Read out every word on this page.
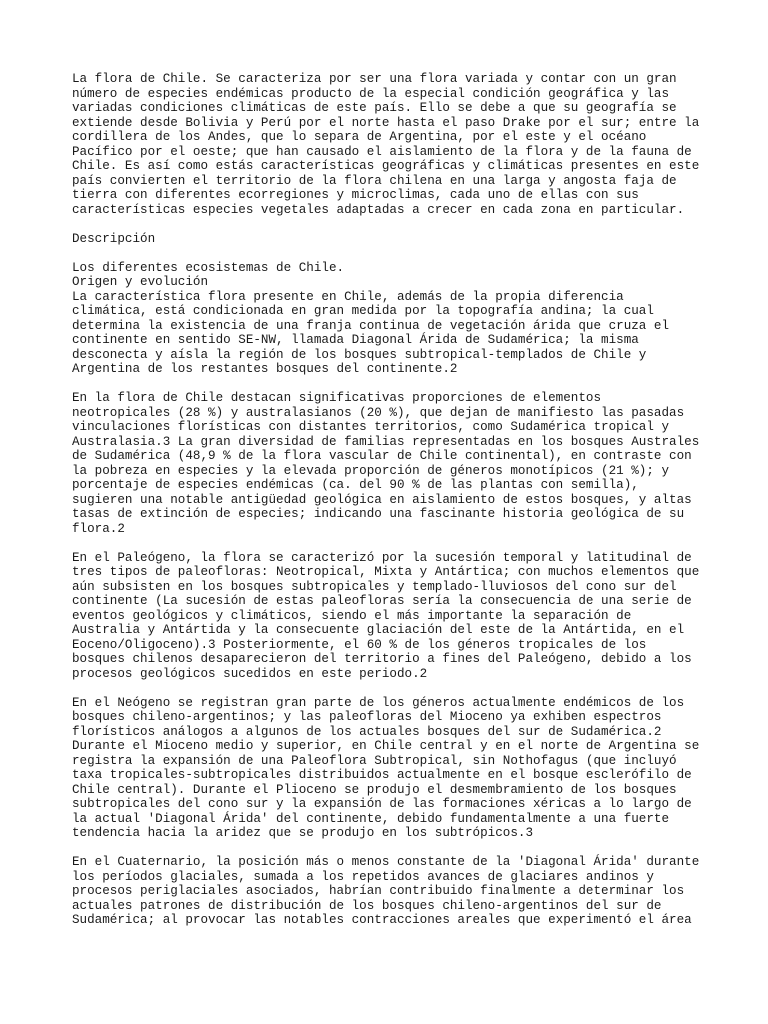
La flora de Chile. Se caracteriza por ser una flora variada y contar con un gran
número de especies endémicas producto de la especial condición geográfica y las
variadas condiciones climáticas de este país. Ello se debe a que su geografía se
extiende desde Bolivia y Perú por el norte hasta el paso Drake por el sur; entre la
cordillera de los Andes, que lo separa de Argentina, por el este y el océano
Pacífico por el oeste; que han causado el aislamiento de la flora y de la fauna de
Chile. Es así como estás características geográficas y climáticas presentes en este
país convierten el territorio de la flora chilena en una larga y angosta faja de
tierra con diferentes ecorregiones y microclimas, cada uno de ellas con sus
características especies vegetales adaptadas a crecer en cada zona en particular.

Descripción

Los diferentes ecosistemas de Chile.

Origen y evolución

La característica flora presente en Chile, además de la propia diferencia
climática, está condicionada en gran medida por la topografía andina; la cual
determina la existencia de una franja continua de vegetación árida que cruza el
continente en sentido SE-NW, llamada Diagonal Árida de Sudamérica; la misma
desconecta y aísla la región de los bosques subtropical-templados de Chile y
Argentina de los restantes bosques del continente.2

En la flora de Chile destacan significativas proporciones de elementos
neotropicales (28 %) y australasianos (20 %), que dejan de manifiesto las pasadas
vinculaciones florísticas con distantes territorios, como Sudamérica tropical y
Australasia.3 La gran diversidad de familias representadas en los bosques Australes
de Sudamérica (48,9 % de la flora vascular de Chile continental), en contraste con
la pobreza en especies y la elevada proporción de géneros monotípicos (21 %); y
porcentaje de especies endémicas (ca. del 90 % de las plantas con semilla),
sugieren una notable antigüedad geológica en aislamiento de estos bosques, y altas
tasas de extinción de especies; indicando una fascinante historia geológica de su
flora.2

En el Paleógeno, la flora se caracterizó por la sucesión temporal y latitudinal de
tres tipos de paleofloras: Neotropical, Mixta y Antártica; con muchos elementos que
aún subsisten en los bosques subtropicales y templado-lluviosos del cono sur del
continente (La sucesión de estas paleofloras sería la consecuencia de una serie de
eventos geológicos y climáticos, siendo el más importante la separación de
Australia y Antártida y la consecuente glaciación del este de la Antártida, en el
Eoceno/Oligoceno).3 Posteriormente, el 60 % de los géneros tropicales de los
bosques chilenos desaparecieron del territorio a fines del Paleógeno, debido a los
procesos geológicos sucedidos en este periodo.2

En el Neógeno se registran gran parte de los géneros actualmente endémicos de los
bosques chileno-argentinos; y las paleofloras del Mioceno ya exhiben espectros
florísticos análogos a algunos de los actuales bosques del sur de Sudamérica.2
Durante el Mioceno medio y superior, en Chile central y en el norte de Argentina se
registra la expansión de una Paleoflora Subtropical, sin Nothofagus (que incluyó
taxa tropicales-subtropicales distribuidos actualmente en el bosque esclerófilo de
Chile central). Durante el Plioceno se produjo el desmembramiento de los bosques
subtropicales del cono sur y la expansión de las formaciones xéricas a lo largo de
la actual 'Diagonal Árida' del continente, debido fundamentalmente a una fuerte
tendencia hacia la aridez que se produjo en los subtrópicos.3

En el Cuaternario, la posición más o menos constante de la 'Diagonal Árida' durante
los períodos glaciales, sumada a los repetidos avances de glaciares andinos y
procesos periglaciales asociados, habrían contribuido finalmente a determinar los
actuales patrones de distribución de los bosques chileno-argentinos del sur de
Sudamérica; al provocar las notables contracciones areales que experimentó el área
